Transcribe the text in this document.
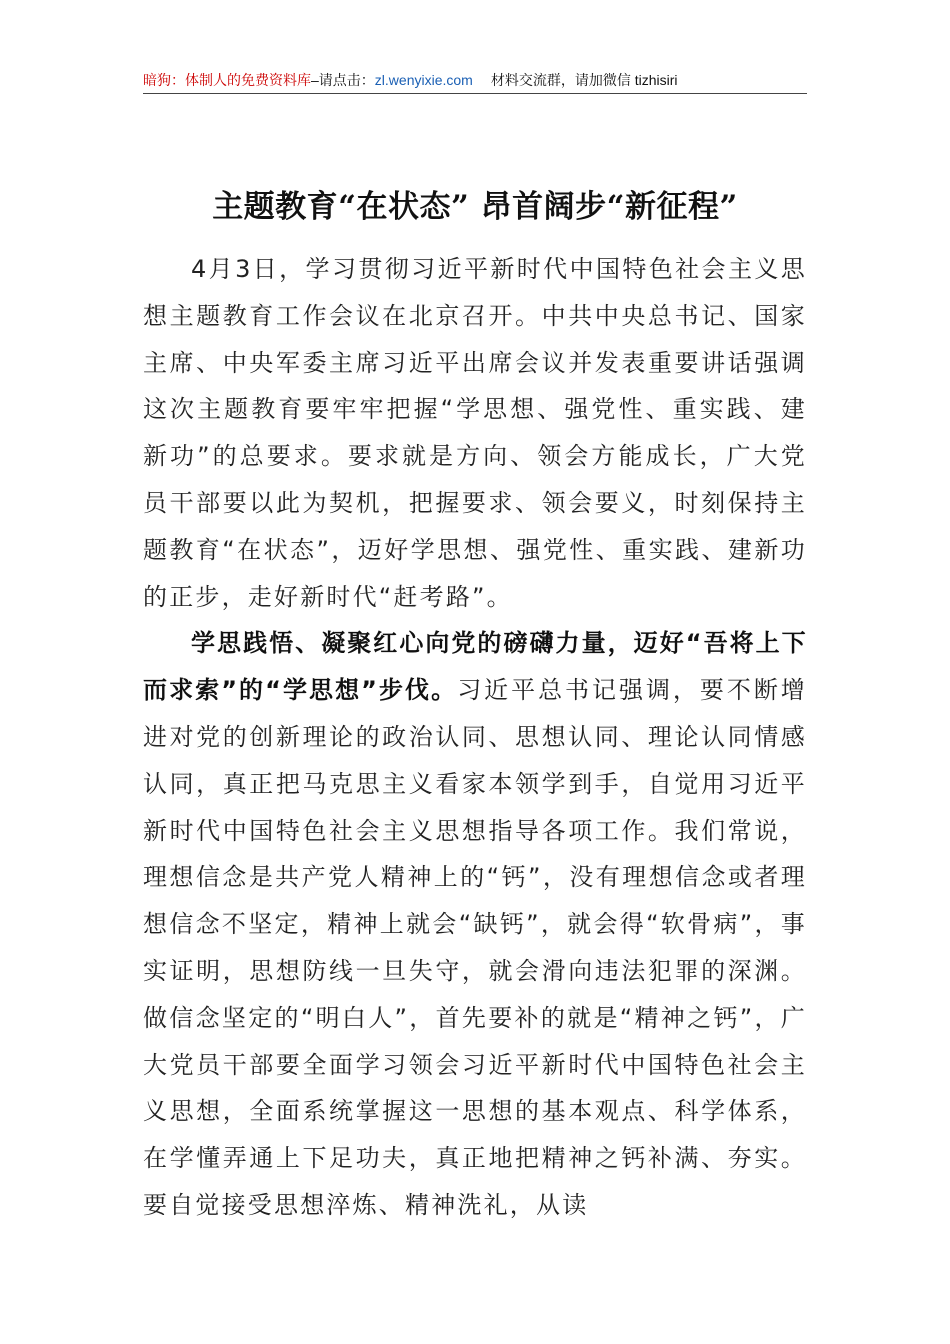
暗狗：体制人的免费资料库 –请点击： zl.wenyixie.com 材料交流群，请加微信 tizhisiri
主题教育“在状态” 昂首阔步“新征程”

4月3日，学习贯彻习近平新时代中国特色社会主义思想主题教育工作会议在北京召开。中共中央总书记、国家主席、中央军委主席习近平出席会议并发表重要讲话强调这次主题教育要牢牢把握“学思想、强党性、重实践、建新功”的总要求。要求就是方向、领会方能成长，广大党员干部要以此为契机，把握要求、领会要义，时刻保持主题教育“在状态”，迈好学思想、强党性、重实践、建新功的正步，走好新时代“赶考路”。

学思践悟、凝聚红心向党的磅礴力量，迈好“吾将上下而求索”的“学思想”步伐。习近平总书记强调，要不断增进对党的创新理论的政治认同、思想认同、理论认同情感认同，真正把马克思主义看家本领学到手，自觉用习近平新时代中国特色社会主义思想指导各项工作。我们常说，理想信念是共产党人精神上的“钙”，没有理想信念或者理想信念不坚定，精神上就会“缺钙”，就会得“软骨病”，事实证明，思想防线一旦失守，就会滑向违法犯罪的深渊。做信念坚定的“明白人”，首先要补的就是“精神之钙”，广大党员干部要全面学习领会习近平新时代中国特色社会主义思想，全面系统掌握这一思想的基本观点、科学体系，在学懂弄通上下足功夫，真正地把精神之钙补满、夯实。要自觉接受思想淬炼、精神洗礼，从读
